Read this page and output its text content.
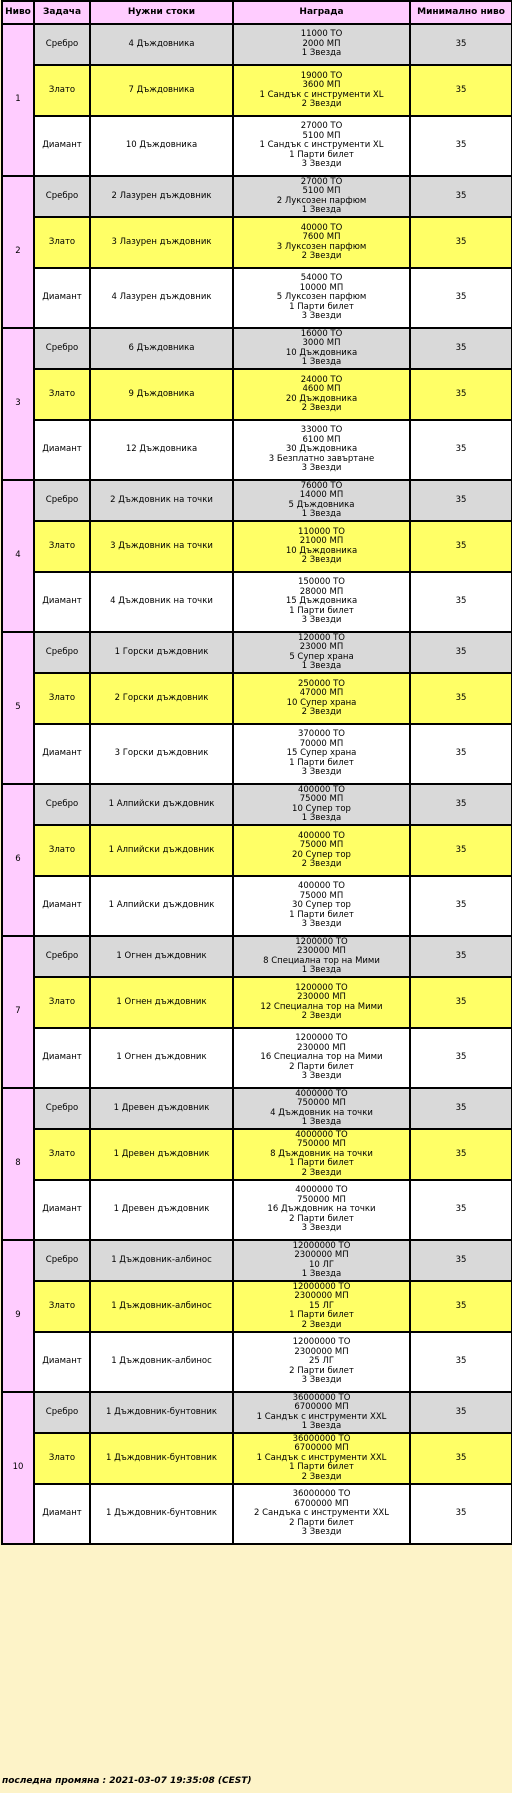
Ниво	Задача	Нужни стоки	Награда	Минимално ниво
1	Сребро	4 Дъждовника	11000 ТО
2000 МП
1 Звезда	35
	Злато	7 Дъждовника	19000 ТО
3600 МП
1 Сандък с инструменти XL
2 Звезди	35
	Диамант	10 Дъждовника	27000 ТО
5100 МП
1 Сандък с инструменти XL
1 Парти билет
3 Звезди	35
2	Сребро	2 Лазурен дъждовник	27000 ТО
5100 МП
2 Луксозен парфюм
1 Звезда	35
	Злато	3 Лазурен дъждовник	40000 ТО
7600 МП
3 Луксозен парфюм
2 Звезди	35
	Диамант	4 Лазурен дъждовник	54000 ТО
10000 МП
5 Луксозен парфюм
1 Парти билет
3 Звезди	35
3	Сребро	6 Дъждовника	16000 ТО
3000 МП
10 Дъждовника
1 Звезда	35
	Злато	9 Дъждовника	24000 ТО
4600 МП
20 Дъждовника
2 Звезди	35
	Диамант	12 Дъждовника	33000 ТО
6100 МП
30 Дъждовника
3 Безплатно завъртане
3 Звезди	35
4	Сребро	2 Дъждовник на точки	76000 ТО
14000 МП
5 Дъждовника
1 Звезда	35
	Злато	3 Дъждовник на точки	110000 ТО
21000 МП
10 Дъждовника
2 Звезди	35
	Диамант	4 Дъждовник на точки	150000 ТО
28000 МП
15 Дъждовника
1 Парти билет
3 Звезди	35
5	Сребро	1 Горски дъждовник	120000 ТО
23000 МП
5 Супер храна
1 Звезда	35
	Злато	2 Горски дъждовник	250000 ТО
47000 МП
10 Супер храна
2 Звезди	35
	Диамант	3 Горски дъждовник	370000 ТО
70000 МП
15 Супер храна
1 Парти билет
3 Звезди	35
6	Сребро	1 Алпийски дъждовник	400000 ТО
75000 МП
10 Супер тор
1 Звезда	35
	Злато	1 Алпийски дъждовник	400000 ТО
75000 МП
20 Супер тор
2 Звезди	35
	Диамант	1 Алпийски дъждовник	400000 ТО
75000 МП
30 Супер тор
1 Парти билет
3 Звезди	35
7	Сребро	1 Огнен дъждовник	1200000 ТО
230000 МП
8 Специална тор на Мими
1 Звезда	35
	Злато	1 Огнен дъждовник	1200000 ТО
230000 МП
12 Специална тор на Мими
2 Звезди	35
	Диамант	1 Огнен дъждовник	1200000 ТО
230000 МП
16 Специална тор на Мими
2 Парти билет
3 Звезди	35
8	Сребро	1 Древен дъждовник	4000000 ТО
750000 МП
4 Дъждовник на точки
1 Звезда	35
	Злато	1 Древен дъждовник	4000000 ТО
750000 МП
8 Дъждовник на точки
1 Парти билет
2 Звезди	35
	Диамант	1 Древен дъждовник	4000000 ТО
750000 МП
16 Дъждовник на точки
2 Парти билет
3 Звезди	35
9	Сребро	1 Дъждовник-албинос	12000000 ТО
2300000 МП
10 ЛГ
1 Звезда	35
	Злато	1 Дъждовник-албинос	12000000 ТО
2300000 МП
15 ЛГ
1 Парти билет
2 Звезди	35
	Диамант	1 Дъждовник-албинос	12000000 ТО
2300000 МП
25 ЛГ
2 Парти билет
3 Звезди	35
10	Сребро	1 Дъждовник-бунтовник	36000000 ТО
6700000 МП
1 Сандък с инструменти XXL
1 Звезда	35
	Злато	1 Дъждовник-бунтовник	36000000 ТО
6700000 МП
1 Сандък с инструменти XXL
1 Парти билет
2 Звезди	35
	Диамант	1 Дъждовник-бунтовник	36000000 ТО
6700000 МП
2 Сандъка с инструменти XXL
2 Парти билет
3 Звезди	35
последна промяна : 2021-03-07 19:35:08 (CEST)
